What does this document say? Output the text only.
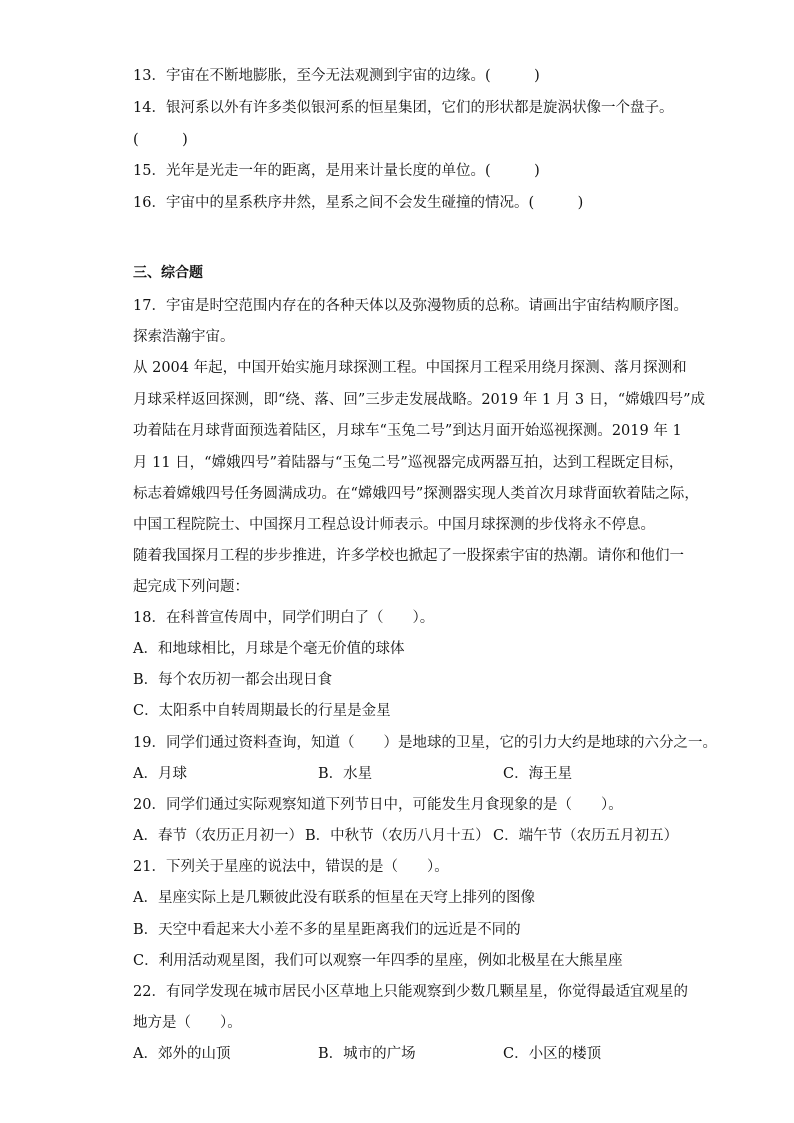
13．宇宙在不断地膨胀，至今无法观测到宇宙的边缘。(　　　)
14．银河系以外有许多类似银河系的恒星集团，它们的形状都是旋涡状像一个盘子。
(　　　)
15．光年是光走一年的距离，是用来计量长度的单位。(　　　)
16．宇宙中的星系秩序井然，星系之间不会发生碰撞的情况。(　　　)
三、综合题
17．宇宙是时空范围内存在的各种天体以及弥漫物质的总称。请画出宇宙结构顺序图。
探索浩瀚宇宙。
从 2004 年起，中国开始实施月球探测工程。中国探月工程采用绕月探测、落月探测和
月球采样返回探测，即“绕、落、回”三步走发展战略。2019 年 1 月 3 日，“嫦娥四号”成
功着陆在月球背面预选着陆区，月球车“玉兔二号”到达月面开始巡视探测。2019 年 1
月 11 日，“嫦娥四号”着陆器与“玉兔二号”巡视器完成两器互拍，达到工程既定目标，
标志着嫦娥四号任务圆满成功。在“嫦娥四号”探测器实现人类首次月球背面软着陆之际，
中国工程院院士、中国探月工程总设计师表示。中国月球探测的步伐将永不停息。
随着我国探月工程的步步推进，许多学校也掀起了一股探索宇宙的热潮。请你和他们一
起完成下列问题：
18．在科普宣传周中，同学们明白了（　　）。
A．和地球相比，月球是个毫无价值的球体
B．每个农历初一都会出现日食
C．太阳系中自转周期最长的行星是金星
19．同学们通过资料查询，知道（　　）是地球的卫星，它的引力大约是地球的六分之一。
A．月球	B．水星	C．海王星
20．同学们通过实际观察知道下列节日中，可能发生月食现象的是（　　）。
A．春节（农历正月初一） B．中秋节（农历八月十五） C．端午节（农历五月初五）
21．下列关于星座的说法中，错误的是（　　）。
A．星座实际上是几颗彼此没有联系的恒星在天穹上排列的图像
B．天空中看起来大小差不多的星星距离我们的远近是不同的
C．利用活动观星图，我们可以观察一年四季的星座，例如北极星在大熊星座
22．有同学发现在城市居民小区草地上只能观察到少数几颗星星，你觉得最适宜观星的
地方是（　　）。
A．郊外的山顶	B．城市的广场	C．小区的楼顶
